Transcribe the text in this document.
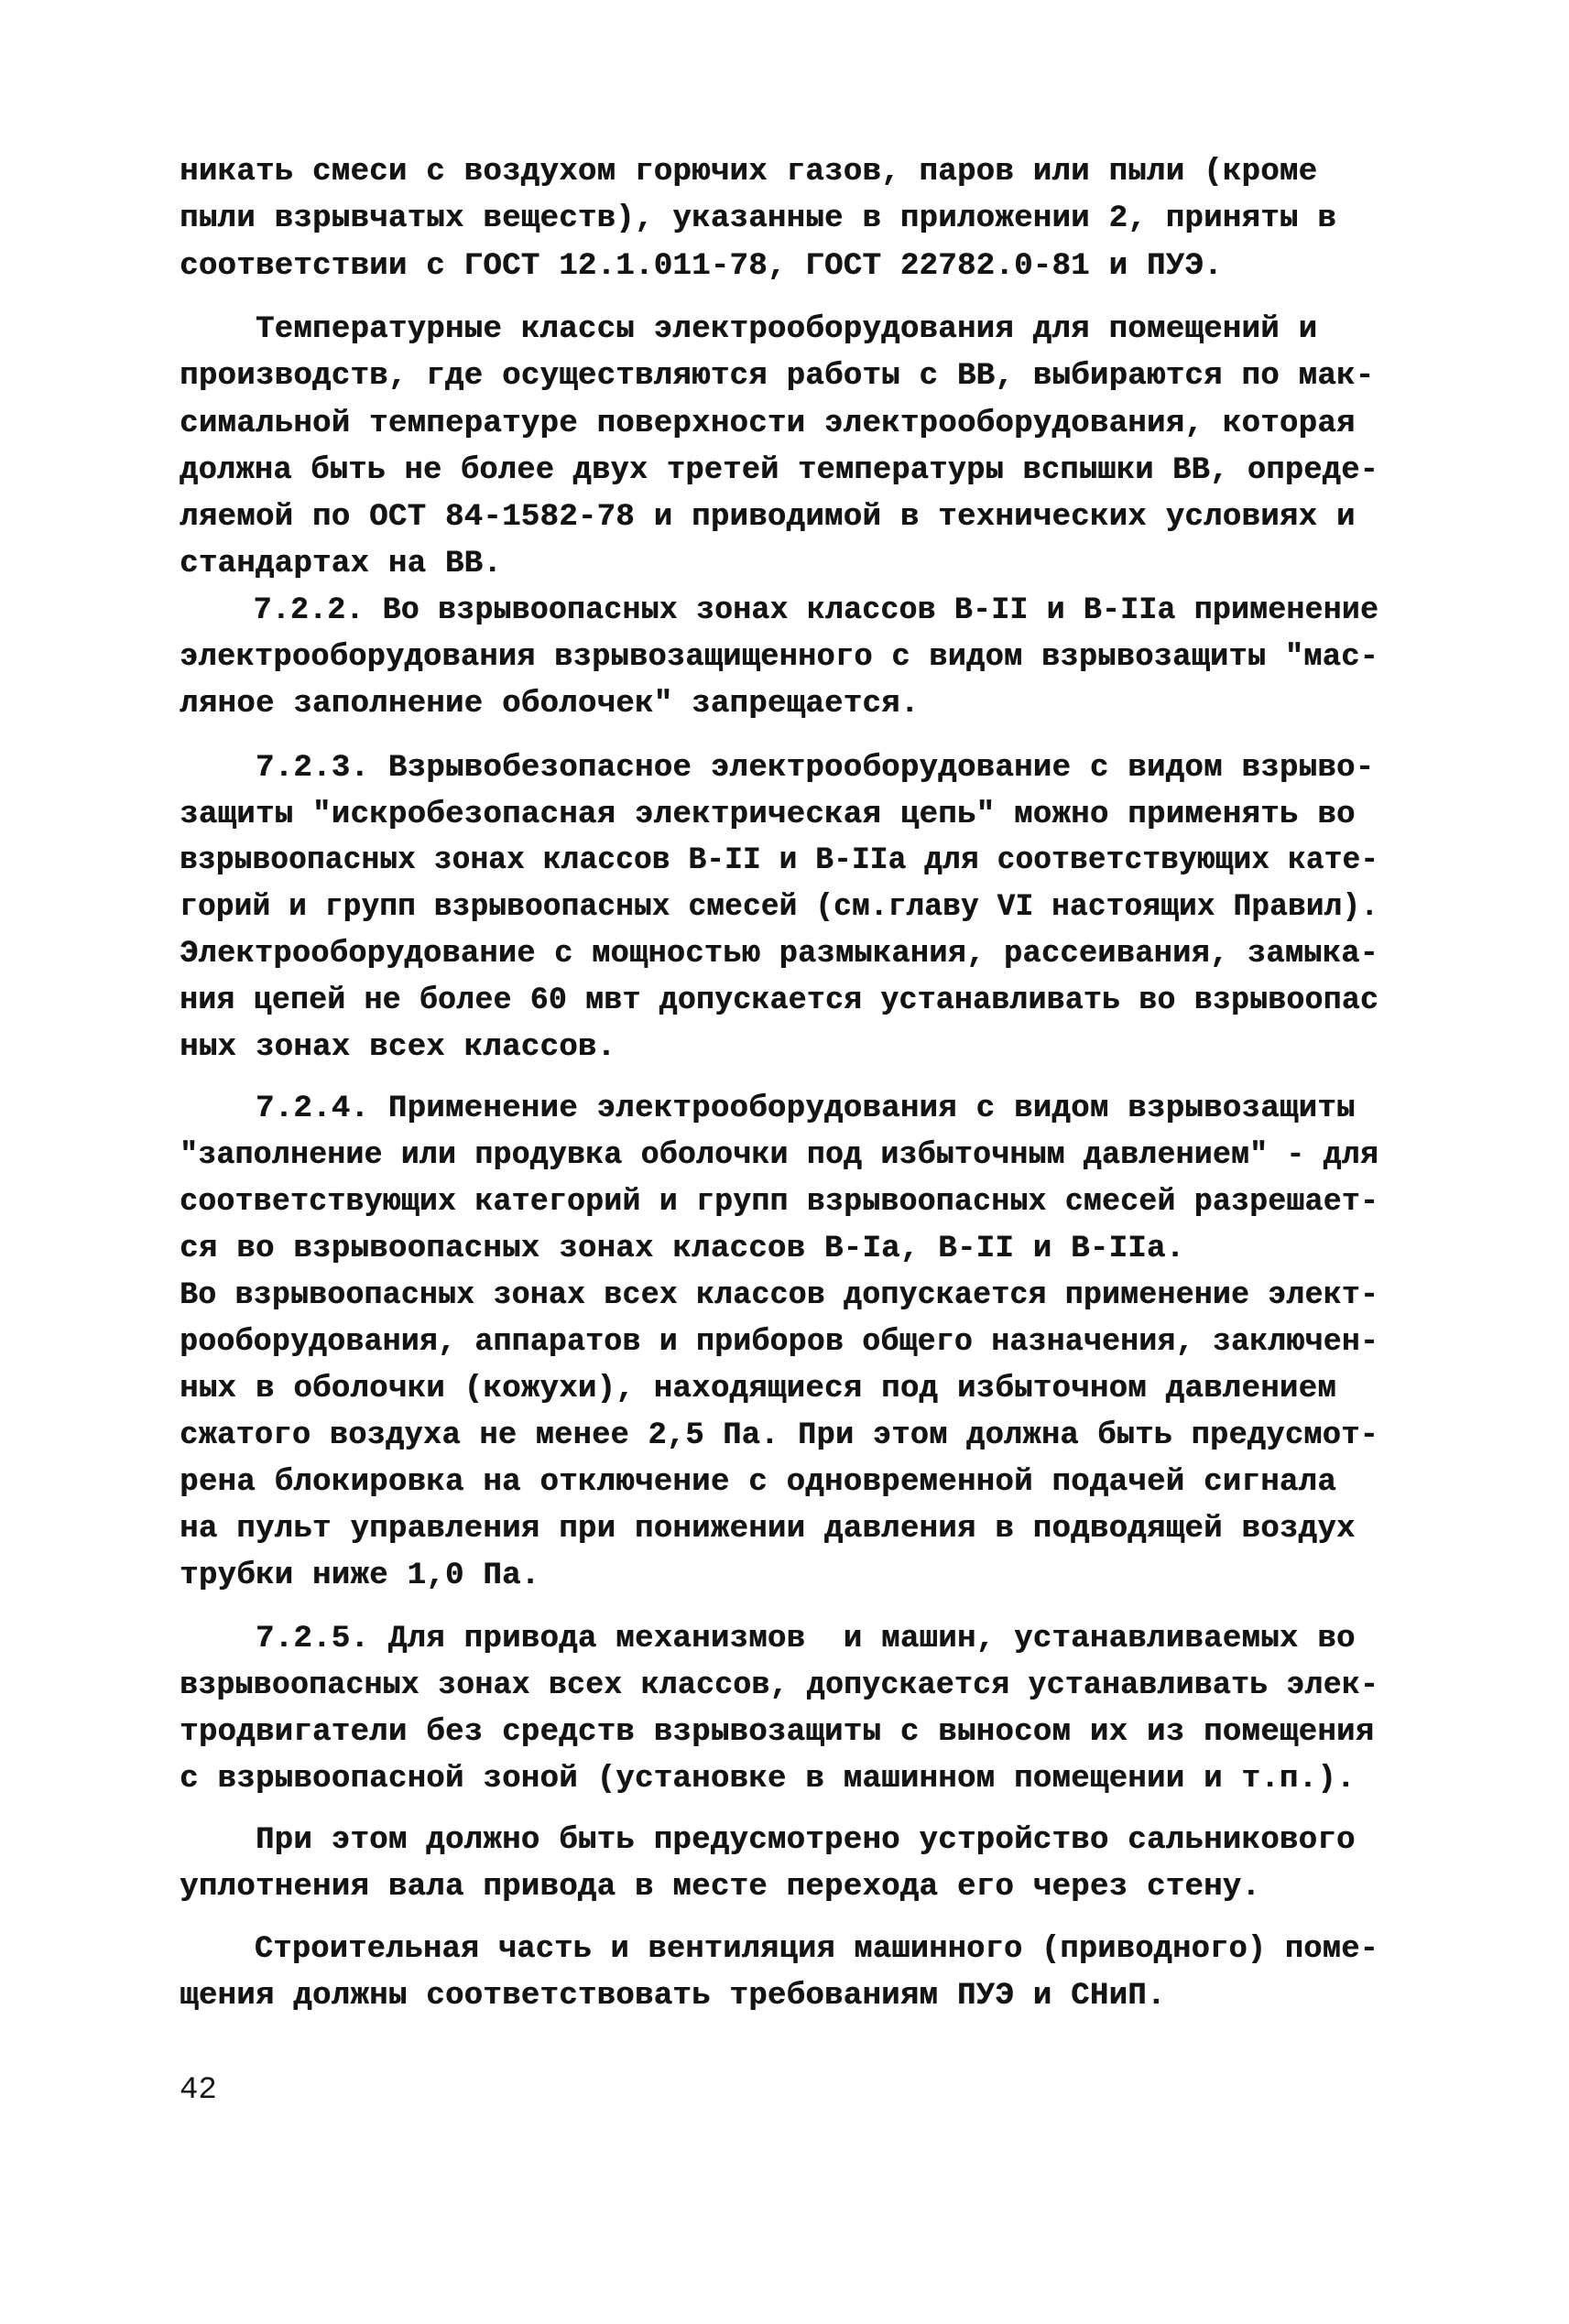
никать смеси с воздухом горючих газов, паров или пыли (кроме
пыли взрывчатых веществ), указанные в приложении 2, приняты в
соответствии с ГОСТ 12.1.011-78, ГОСТ 22782.0-81 и ПУЭ.
Температурные классы электрооборудования для помещений и
производств, где осуществляются работы с ВВ, выбираются по мак-
симальной температуре поверхности электрооборудования, которая
должна быть не более двух третей температуры вспышки ВВ, опреде-
ляемой по ОСТ 84-1582-78 и приводимой в технических условиях и
стандартах на ВВ.
7.2.2. Во взрывоопасных зонах классов В-II и В-IIa применение
электрооборудования взрывозащищенного с видом взрывозащиты "мас-
ляное заполнение оболочек" запрещается.
7.2.3. Взрывобезопасное электрооборудование с видом взрыво-
защиты "искробезопасная электрическая цепь" можно применять во
взрывоопасных зонах классов В-II и В-IIa для соответствующих кате-
горий и групп взрывоопасных смесей (см.главу VI настоящих Правил).
Электрооборудование с мощностью размыкания, рассеивания, замыка-
ния цепей не более 60 мвт допускается устанавливать во взрывоопас
ных зонах всех классов.
7.2.4. Применение электрооборудования с видом взрывозащиты
"заполнение или продувка оболочки под избыточным давлением" - для
соответствующих категорий и групп взрывоопасных смесей разрешает-
ся во взрывоопасных зонах классов В-Ia, В-II и В-IIa.
Во взрывоопасных зонах всех классов допускается применение элект-
рооборудования, аппаратов и приборов общего назначения, заключен-
ных в оболочки (кожухи), находящиеся под избыточном давлением
сжатого воздуха не менее 2,5 Па. При этом должна быть предусмот-
рена блокировка на отключение с одновременной подачей сигнала
на пульт управления при понижении давления в подводящей воздух
трубки ниже 1,0 Па.
7.2.5. Для привода механизмов  и машин, устанавливаемых во
взрывоопасных зонах всех классов, допускается устанавливать элек-
тродвигатели без средств взрывозащиты с выносом их из помещения
с взрывоопасной зоной (установке в машинном помещении и т.п.).
При этом должно быть предусмотрено устройство сальникового
уплотнения вала привода в месте перехода его через стену.
Строительная часть и вентиляция машинного (приводного) поме-
щения должны соответствовать требованиям ПУЭ и СНиП.
42
